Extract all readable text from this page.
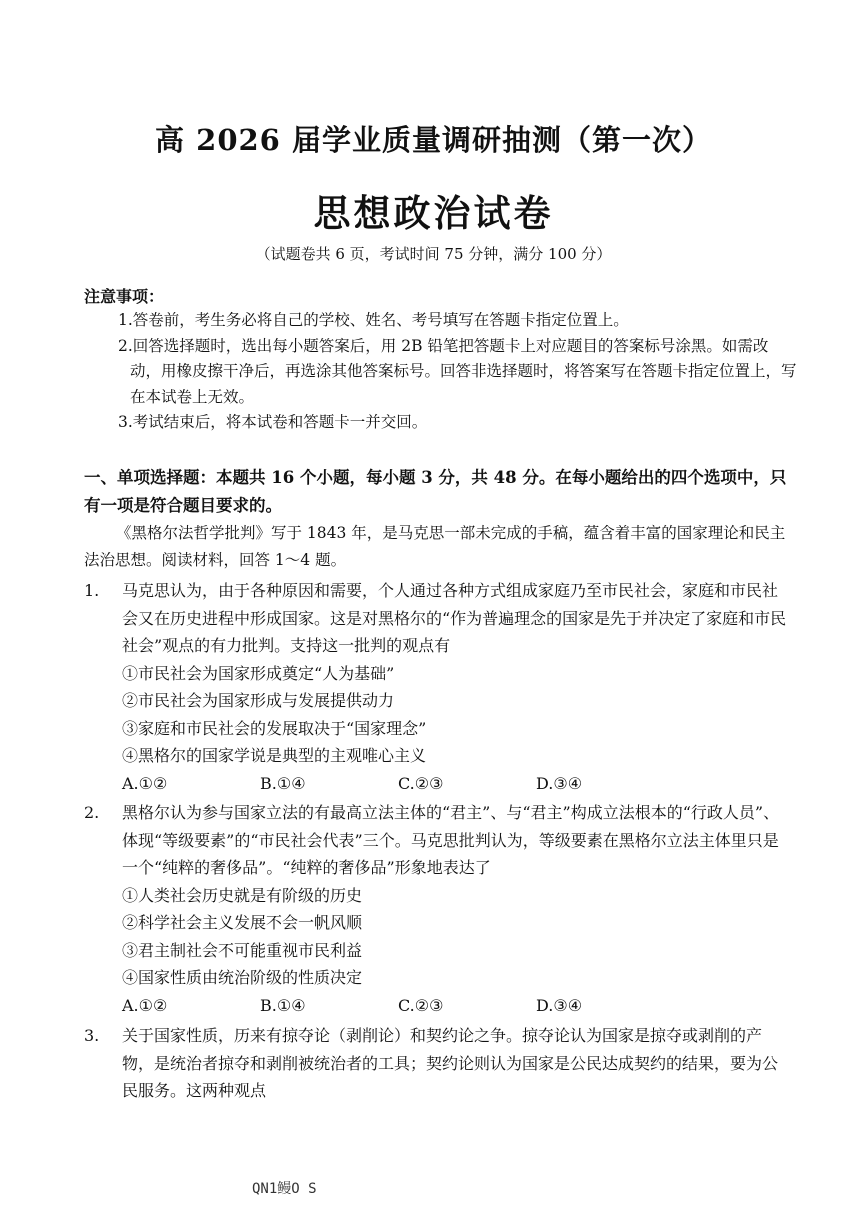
高 2026 届学业质量调研抽测（第一次）
思想政治试卷
（试题卷共 6 页，考试时间 75 分钟，满分 100 分）
注意事项：
1.答卷前，考生务必将自己的学校、姓名、考号填写在答题卡指定位置上。
2.回答选择题时，选出每小题答案后，用 2B 铅笔把答题卡上对应题目的答案标号涂黑。如需改动，用橡皮擦干净后，再选涂其他答案标号。回答非选择题时，将答案写在答题卡指定位置上，写在本试卷上无效。
3.考试结束后，将本试卷和答题卡一并交回。
一、单项选择题：本题共 16 个小题，每小题 3 分，共 48 分。在每小题给出的四个选项中，只有一项是符合题目要求的。
《黑格尔法哲学批判》写于 1843 年，是马克思一部未完成的手稿，蕴含着丰富的国家理论和民主法治思想。阅读材料，回答 1～4 题。
1.	马克思认为，由于各种原因和需要，个人通过各种方式组成家庭乃至市民社会，家庭和市民社会又在历史进程中形成国家。这是对黑格尔的“作为普遍理念的国家是先于并决定了家庭和市民社会”观点的有力批判。支持这一批判的观点有
①市民社会为国家形成奠定“人为基础”
②市民社会为国家形成与发展提供动力
③家庭和市民社会的发展取决于“国家理念”
④黑格尔的国家学说是典型的主观唯心主义
A.①②	B.①④	C.②③	D.③④
2.	黑格尔认为参与国家立法的有最高立法主体的“君主”、与“君主”构成立法根本的“行政人员”、体现“等级要素”的“市民社会代表”三个。马克思批判认为，等级要素在黑格尔立法主体里只是一个“纯粹的奢侈品”。“纯粹的奢侈品”形象地表达了
①人类社会历史就是有阶级的历史
②科学社会主义发展不会一帆风顺
③君主制社会不可能重视市民利益
④国家性质由统治阶级的性质决定
A.①②	B.①④	C.②③	D.③④
3.	关于国家性质，历来有掠夺论（剥削论）和契约论之争。掠夺论认为国家是掠夺或剥削的产物，是统治者掠夺和剥削被统治者的工具；契约论则认为国家是公民达成契约的结果，要为公民服务。这两种观点
QN1鳗O S
